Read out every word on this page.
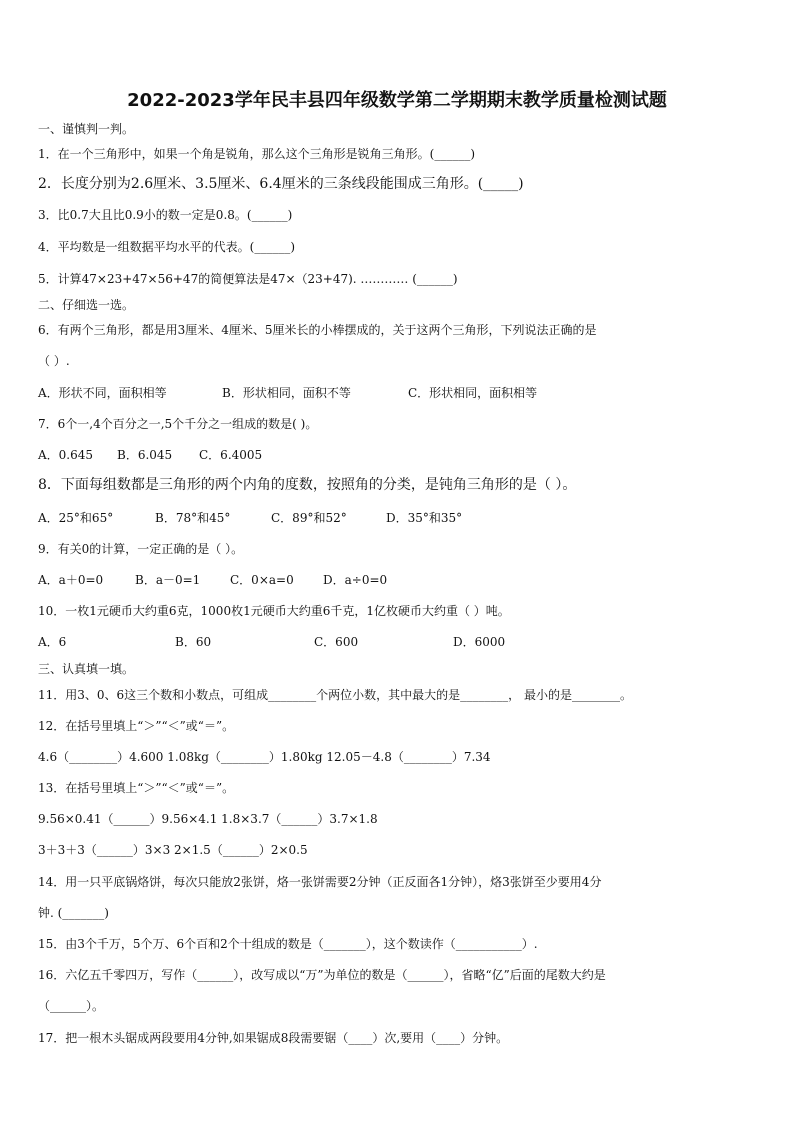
2022-2023学年民丰县四年级数学第二学期期末教学质量检测试题
一、谨慎判一判。
1．在一个三角形中，如果一个角是锐角，那么这个三角形是锐角三角形。(______)
2．长度分别为2.6厘米、3.5厘米、6.4厘米的三条线段能围成三角形。(_____)
3．比0.7大且比0.9小的数一定是0.8。(______)
4．平均数是一组数据平均水平的代表。(______)
5．计算47×23+47×56+47的简便算法是47×（23+47). ………… (______)
二、仔细选一选。
6．有两个三角形，都是用3厘米、4厘米、5厘米长的小棒摆成的，关于这两个三角形，下列说法正确的是
（ ）.
A．形状不同，面积相等	B．形状相同，面积不等	C．形状相同，面积相等
7．6个一,4个百分之一,5个千分之一组成的数是( )。
A．0.645 B．6.045 C．6.4005
8．下面每组数都是三角形的两个内角的度数，按照角的分类，是钝角三角形的是（ ）。
A．25°和65°	B．78°和45°	C．89°和52°	D．35°和35°
9．有关0的计算，一定正确的是（ ）。
A．a＋0=0	B．a－0=1 C．0×a=0 D．a÷0=0
10．一枚1元硬币大约重6克，1000枚1元硬币大约重6千克，1亿枚硬币大约重（ ）吨。
A．6	B．60	C．600	D．6000
三、认真填一填。
11．用3、0、6这三个数和小数点，可组成________个两位小数，其中最大的是________， 最小的是________。
12．在括号里填上“＞”“＜”或“＝”。
4.6（________）4.600 1.08kg（________）1.80kg 12.05－4.8（________）7.34
13．在括号里填上“＞”“＜”或“＝”。
9.56×0.41（______）9.56×4.1 1.8×3.7（______）3.7×1.8
3＋3＋3（______）3×3 2×1.5（______）2×0.5
14．用一只平底锅烙饼，每次只能放2张饼，烙一张饼需要2分钟（正反面各1分钟），烙3张饼至少要用4分
钟. (_______)
15．由3个千万，5个万、6个百和2个十组成的数是（_______），这个数读作（___________）.
16．六亿五千零四万，写作（______），改写成以“万”为单位的数是（______），省略“亿”后面的尾数大约是
（______）。
17．把一根木头锯成两段要用4分钟,如果锯成8段需要锯（____）次,要用（____）分钟。
